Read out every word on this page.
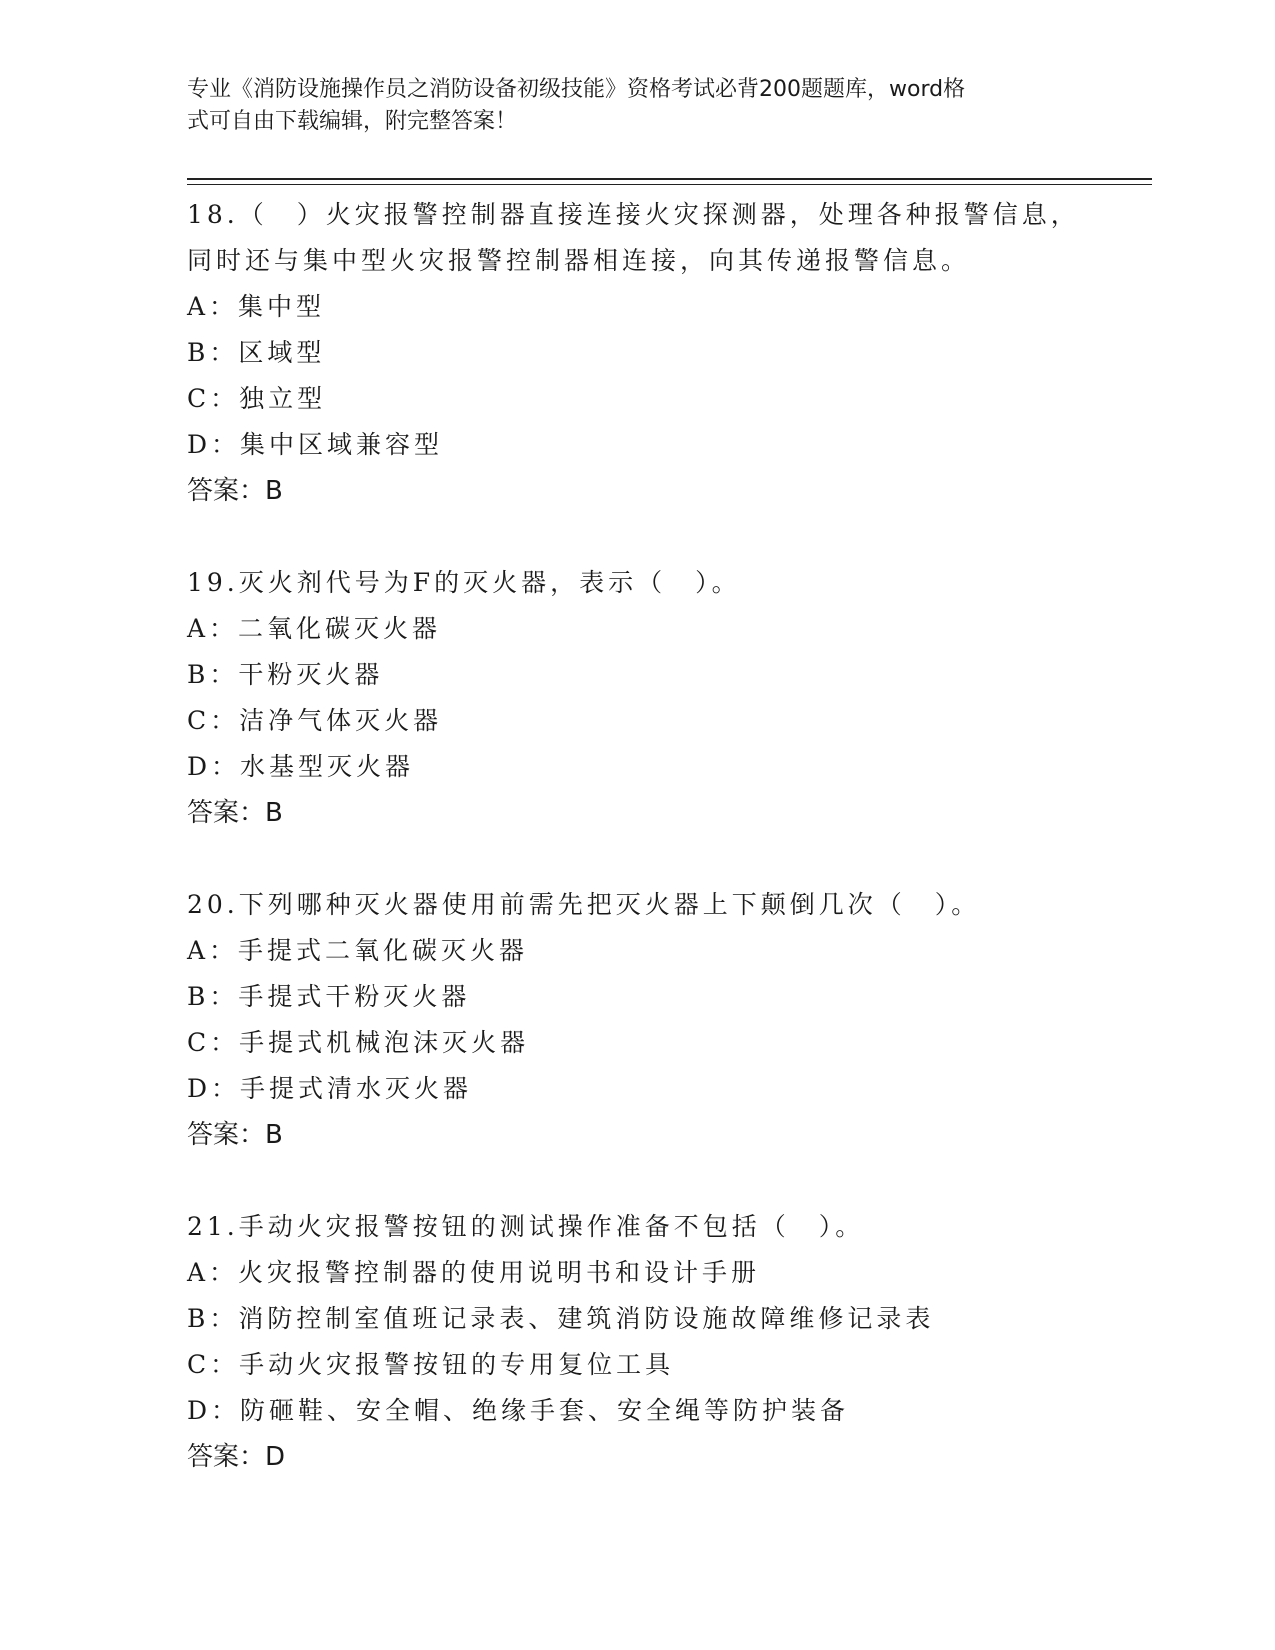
专业《消防设施操作员之消防设备初级技能》资格考试必背200题题库，word格
式可自由下载编辑，附完整答案！
18.（　）火灾报警控制器直接连接火灾探测器，处理各种报警信息，
同时还与集中型火灾报警控制器相连接，向其传递报警信息。
A：集中型
B：区域型
C：独立型
D：集中区域兼容型
答案：B
19.灭火剂代号为F的灭火器，表示（　）。
A：二氧化碳灭火器
B：干粉灭火器
C：洁净气体灭火器
D：水基型灭火器
答案：B
20.下列哪种灭火器使用前需先把灭火器上下颠倒几次（　）。
A：手提式二氧化碳灭火器
B：手提式干粉灭火器
C：手提式机械泡沫灭火器
D：手提式清水灭火器
答案：B
21.手动火灾报警按钮的测试操作准备不包括（　）。
A：火灾报警控制器的使用说明书和设计手册
B：消防控制室值班记录表、建筑消防设施故障维修记录表
C：手动火灾报警按钮的专用复位工具
D：防砸鞋、安全帽、绝缘手套、安全绳等防护装备
答案：D
